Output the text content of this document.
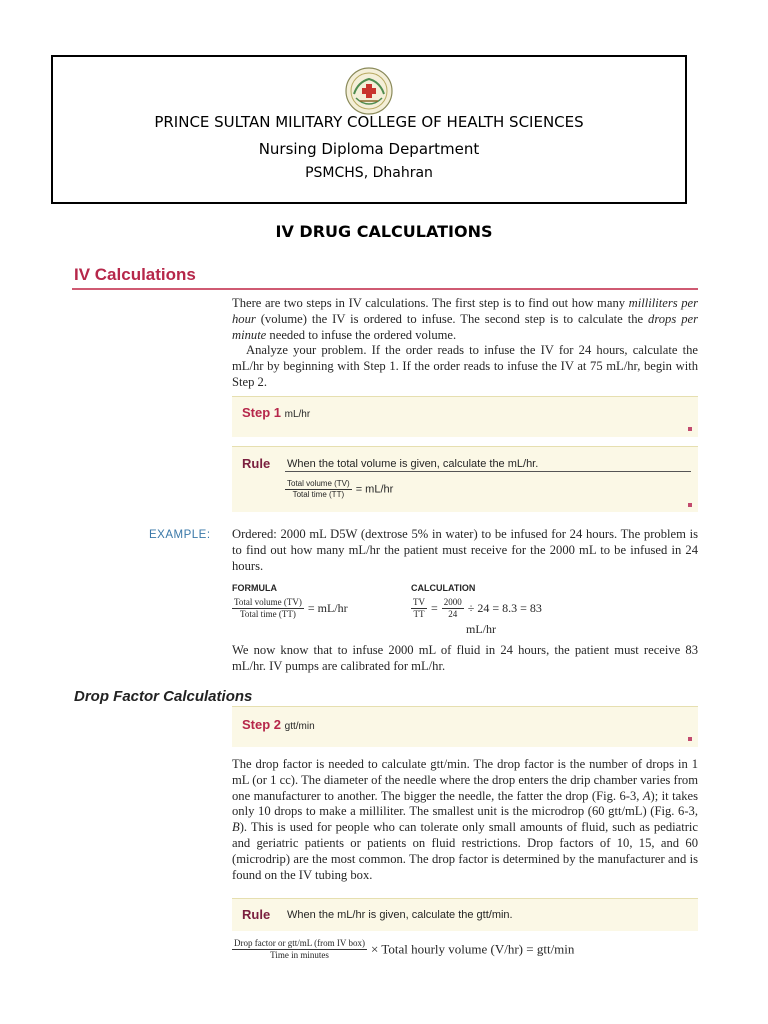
PRINCE SULTAN MILITARY COLLEGE OF HEALTH SCIENCES
Nursing Diploma Department
PSMCHS, Dhahran
IV DRUG CALCULATIONS
IV Calculations
There are two steps in IV calculations. The first step is to find out how many milliliters per hour (volume) the IV is ordered to infuse. The second step is to calculate the drops per minute needed to infuse the ordered volume.
Analyze your problem. If the order reads to infuse the IV for 24 hours, calculate the mL/hr by beginning with Step 1. If the order reads to infuse the IV at 75 mL/hr, begin with Step 2.
Step 1 mL/hr
Rule When the total volume is given, calculate the mL/hr.
$\frac{\text{Total volume (TV)}}{\text{Total time (TT)}} = mL/hr$
EXAMPLE: Ordered: 2000 mL D5W (dextrose 5% in water) to be infused for 24 hours. The problem is to find out how many mL/hr the patient must receive for the 2000 mL to be infused in 24 hours.
FORMULA
$\frac{\text{Total volume (TV)}}{\text{Total time (TT)}} = mL/hr$
CALCULATION
$\frac{TV}{TT} = \frac{2000}{24} \div 24 = 8.3 = 83$
mL/hr
We now know that to infuse 2000 mL of fluid in 24 hours, the patient must receive 83 mL/hr. IV pumps are calibrated for mL/hr.
Drop Factor Calculations
Step 2 gtt/min
The drop factor is needed to calculate gtt/min. The drop factor is the number of drops in 1 mL (or 1 cc). The diameter of the needle where the drop enters the drip chamber varies from one manufacturer to another. The bigger the needle, the fatter the drop (Fig. 6-3, A); it takes only 10 drops to make a milliliter. The smallest unit is the microdrop (60 gtt/mL) (Fig. 6-3, B). This is used for people who can tolerate only small amounts of fluid, such as pediatric and geriatric patients or patients on fluid restrictions. Drop factors of 10, 15, and 60 (microdrip) are the most common. The drop factor is determined by the manufacturer and is found on the IV tubing box.
Rule When the mL/hr is given, calculate the gtt/min.
$\frac{\text{Drop factor or gtt/mL (from IV box)}}{\text{Time in minutes}}$ × Total hourly volume (V/hr) = gtt/min
